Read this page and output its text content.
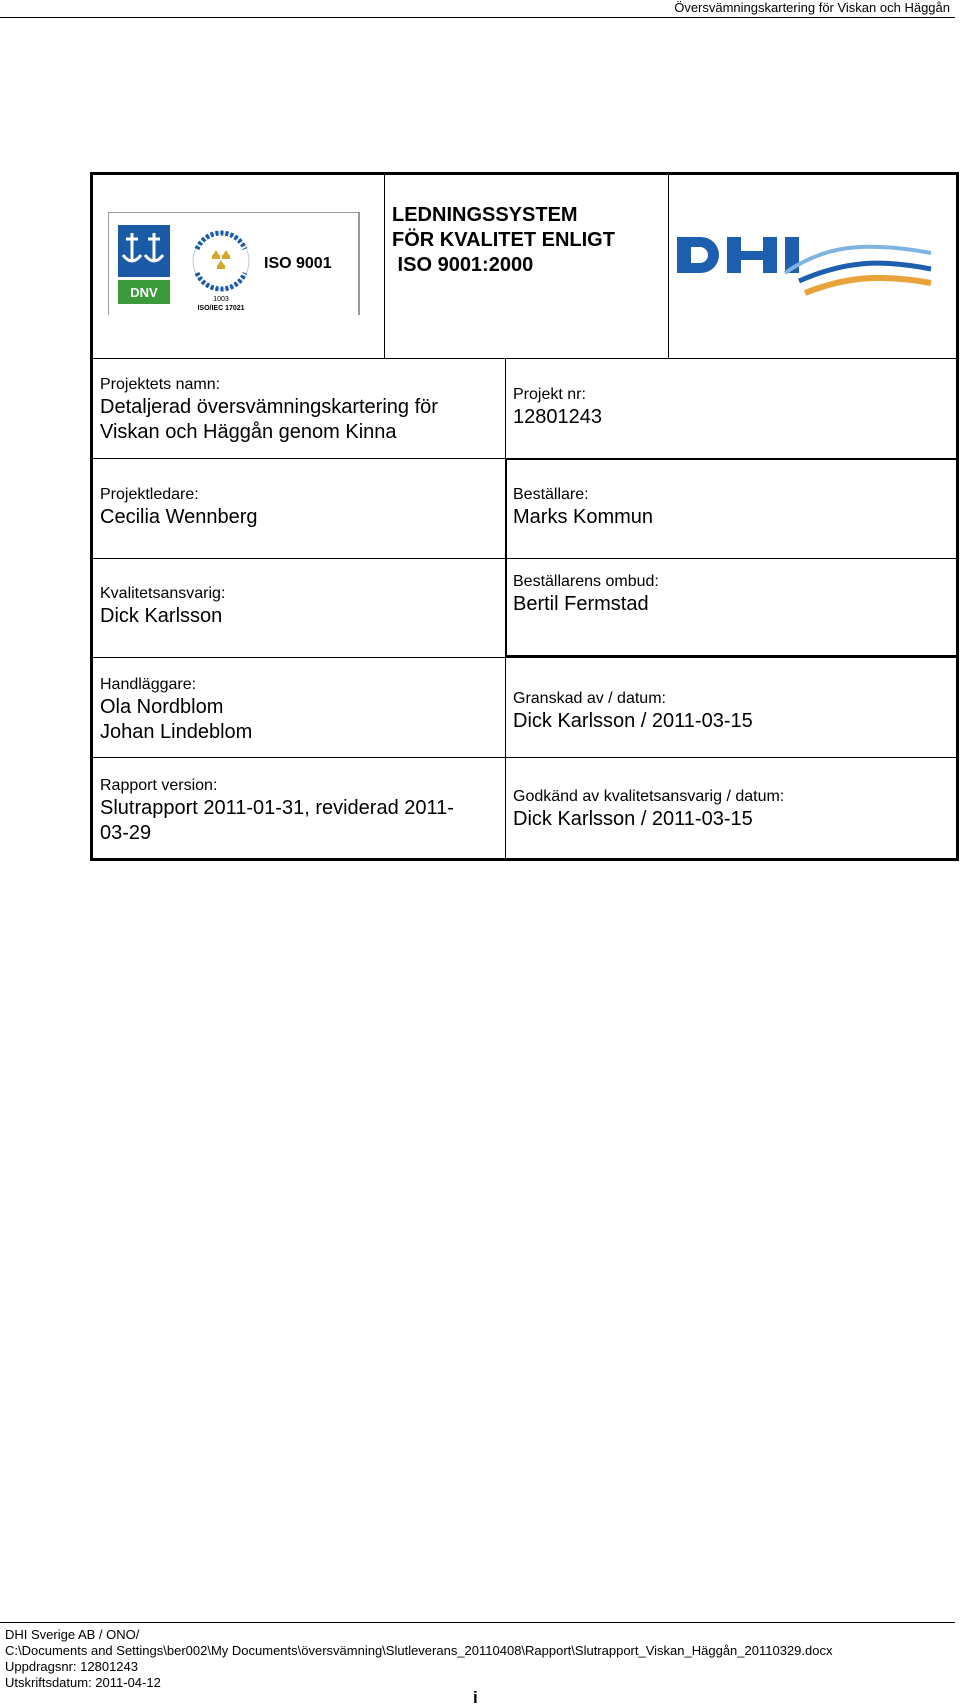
Översvämningskartering för Viskan och Häggån
DNV	1003
ISO/IEC 17021
ISO 9001
LEDNINGSSYSTEM
FÖR KVALITET ENLIGT
ISO 9001:2000
Projektets namn:
Detaljerad översvämningskartering för
Viskan och Häggån genom Kinna
Projekt nr:
12801243
Projektledare:
Cecilia Wennberg
Beställare:
Marks Kommun
Kvalitetsansvarig:
Dick Karlsson
Beställarens ombud:
Bertil Fermstad
Handläggare:
Ola Nordblom
Johan Lindeblom
Granskad av / datum:
Dick Karlsson / 2011-03-15
Rapport version:
Slutrapport 2011-01-31, reviderad 2011-
03-29
Godkänd av kvalitetsansvarig / datum:
Dick Karlsson / 2011-03-15
DHI Sverige AB / ONO/
C:\Documents and Settings\ber002\My Documents\översvämning\Slutleverans_20110408\Rapport\Slutrapport_Viskan_Häggån_20110329.docx
Uppdragsnr: 12801243
Utskriftsdatum: 2011-04-12
i
